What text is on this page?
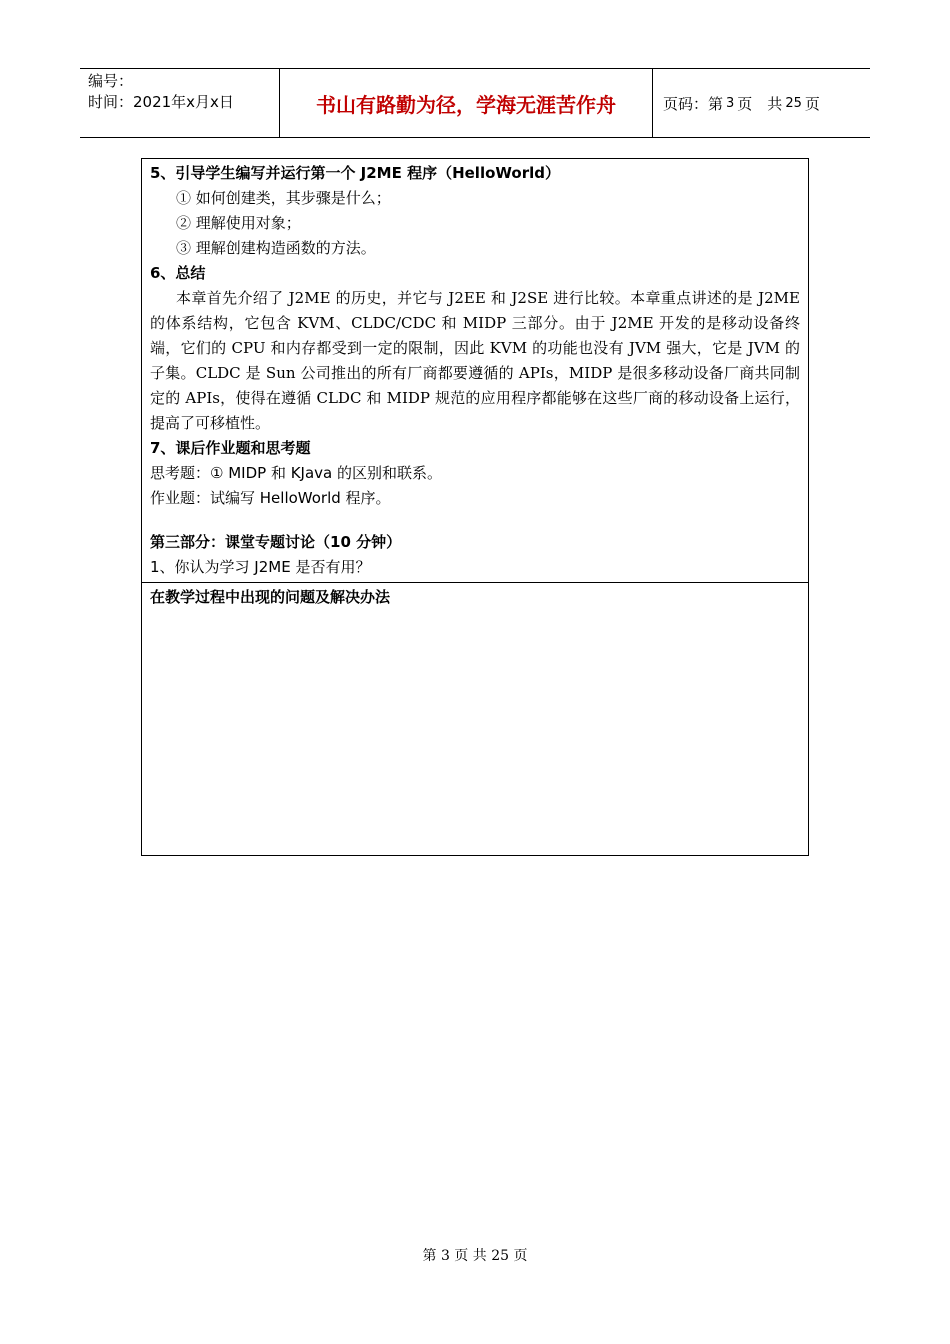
编号：
时间：2021年x月x日	书山有路勤为径，学海无涯苦作舟	页码：第 3 页　共 25 页
5、引导学生编写并运行第一个 J2ME 程序（HelloWorld）
① 如何创建类，其步骤是什么；
② 理解使用对象；
③ 理解创建构造函数的方法。
6、总结
本章首先介绍了 J2ME 的历史，并它与 J2EE 和 J2SE 进行比较。本章重点讲述的是 J2ME 的体系结构，它包含 KVM、CLDC/CDC 和 MIDP 三部分。由于 J2ME 开发的是移动设备终端，它们的 CPU 和内存都受到一定的限制，因此 KVM 的功能也没有 JVM 强大，它是 JVM 的子集。CLDC 是 Sun 公司推出的所有厂商都要遵循的 APIs，MIDP 是很多移动设备厂商共同制定的 APIs，使得在遵循 CLDC 和 MIDP 规范的应用程序都能够在这些厂商的移动设备上运行，提高了可移植性。
7、课后作业题和思考题
思考题：① MIDP 和 KJava 的区别和联系。
作业题：试编写 HelloWorld 程序。
第三部分：课堂专题讨论（10 分钟）
1、你认为学习 J2ME 是否有用？
在教学过程中出现的问题及解决办法
第 3 页 共 25 页
